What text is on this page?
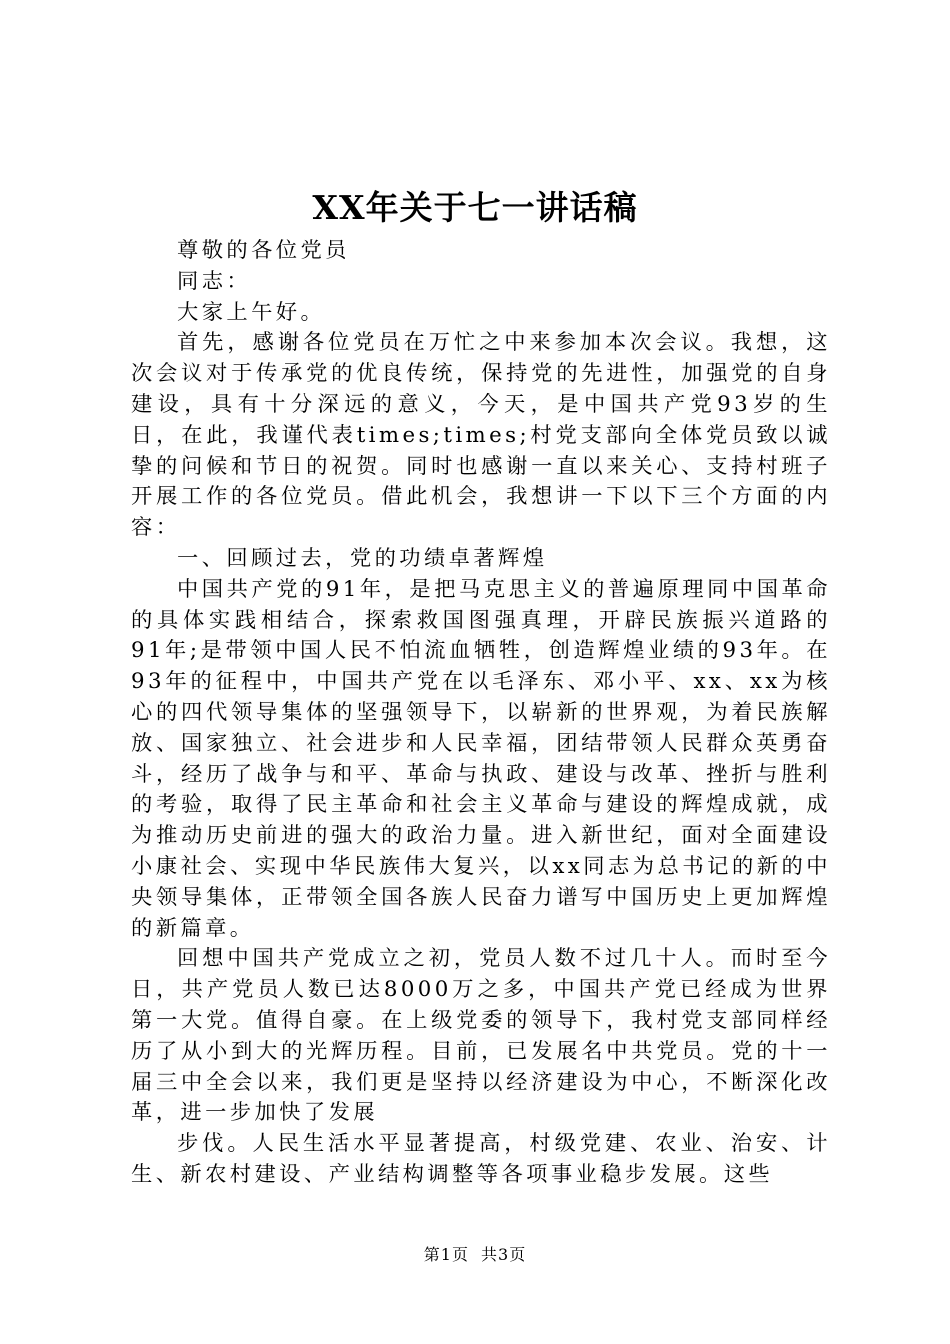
XX年关于七一讲话稿

尊敬的各位党员

同志：

大家上午好。

首先，感谢各位党员在万忙之中来参加本次会议。我想，这次会议对于传承党的优良传统，保持党的先进性，加强党的自身建设，具有十分深远的意义，今天，是中国共产党93岁的生日，在此，我谨代表times;times;村党支部向全体党员致以诚挚的问候和节日的祝贺。同时也感谢一直以来关心、支持村班子开展工作的各位党员。借此机会，我想讲一下以下三个方面的内容：

一、回顾过去，党的功绩卓著辉煌

中国共产党的91年，是把马克思主义的普遍原理同中国革命的具体实践相结合，探索救国图强真理，开辟民族振兴道路的91年;是带领中国人民不怕流血牺牲，创造辉煌业绩的93年。在93年的征程中，中国共产党在以毛泽东、邓小平、xx、xx为核心的四代领导集体的坚强领导下，以崭新的世界观，为着民族解放、国家独立、社会进步和人民幸福，团结带领人民群众英勇奋斗，经历了战争与和平、革命与执政、建设与改革、挫折与胜利的考验，取得了民主革命和社会主义革命与建设的辉煌成就，成为推动历史前进的强大的政治力量。进入新世纪，面对全面建设小康社会、实现中华民族伟大复兴，以xx同志为总书记的新的中央领导集体，正带领全国各族人民奋力谱写中国历史上更加辉煌的新篇章。

回想中国共产党成立之初，党员人数不过几十人。而时至今日，共产党员人数已达8000万之多，中国共产党已经成为世界第一大党。值得自豪。在上级党委的领导下，我村党支部同样经历了从小到大的光辉历程。目前，已发展名中共党员。党的十一届三中全会以来，我们更是坚持以经济建设为中心，不断深化改革，进一步加快了发展

步伐。人民生活水平显著提高，村级党建、农业、治安、计生、新农村建设、产业结构调整等各项事业稳步发展。这些

第1页 共3页
